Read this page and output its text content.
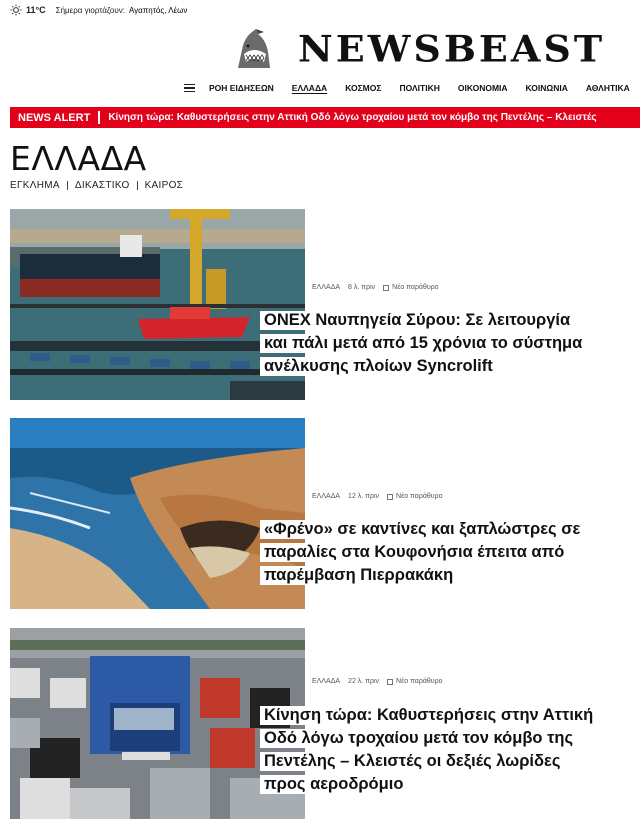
11°C Σήμερα γιορτάζουν: Αγαπητός, Λέων
NEWSBEAST
ΡΟΗ ΕΙΔΗΣΕΩΝ ΕΛΛΑΔΑ ΚΟΣΜΟΣ ΠΟΛΙΤΙΚΗ ΟΙΚΟΝΟΜΙΑ ΚΟΙΝΩΝΙΑ ΑΘΛΗΤΙΚΑ
NEWS ALERT	Κίνηση τώρα: Καθυστερήσεις στην Αττική Οδό λόγω τροχαίου μετά τον κόμβο της Πεντέλης – Κλειστές
ΕΛΛΑΔΑ
ΕΓΚΛΗΜΑ ΔΙΚΑΣΤΙΚΟ ΚΑΙΡΟΣ
ΕΛΛΑΔΑ 8 λ. πριν Νέο παράθυρο
ΟΝΕΧ Ναυπηγεία Σύρου: Σε λειτουργία
και πάλι μετά από 15 χρόνια το σύστημα
ανέλκυσης πλοίων Syncrolift
ΕΛΛΑΔΑ 12 λ. πριν Νέο παράθυρο
«Φρένο» σε καντίνες και ξαπλώστρες σε
παραλίες στα Κουφονήσια έπειτα από
παρέμβαση Πιερρακάκη
ΕΛΛΑΔΑ 22 λ. πριν Νέο παράθυρο
Κίνηση τώρα: Καθυστερήσεις στην Αττική
Οδό λόγω τροχαίου μετά τον κόμβο της
Πεντέλης – Κλειστές οι δεξιές λωρίδες
προς αεροδρόμιο
